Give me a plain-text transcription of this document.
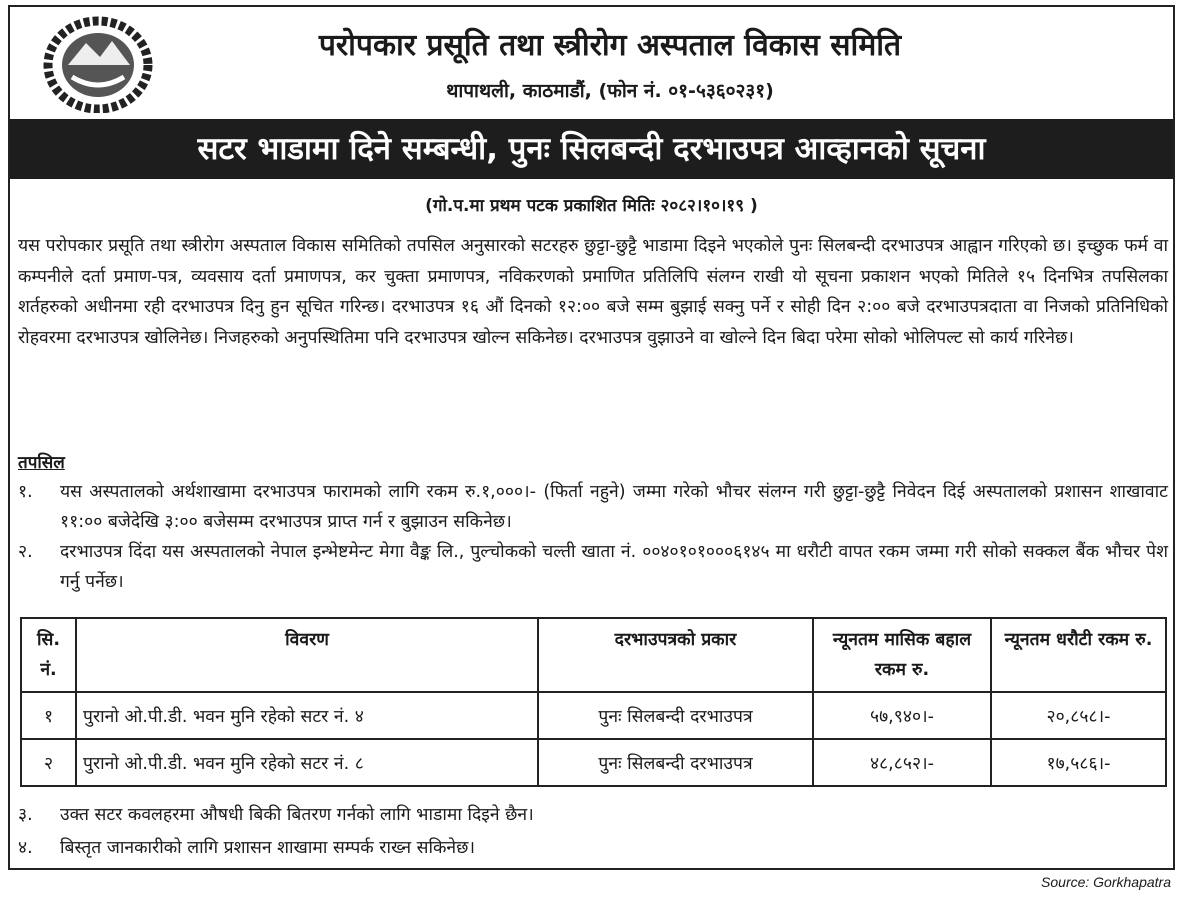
परोपकार प्रसूति तथा स्त्रीरोग अस्पताल विकास समिति
थापाथली, काठमाडौं, (फोन नं. ०१-५३६०२३१)
सटर भाडामा दिने सम्बन्धी, पुनः सिलबन्दी दरभाउपत्र आव्हानको सूचना
(गो.प.मा प्रथम पटक प्रकाशित मितिः २०८२।१०।१९ )
यस परोपकार प्रसूति तथा स्त्रीरोग अस्पताल विकास समितिको तपसिल अनुसारको सटरहरु छुट्टा-छुट्टै भाडामा दिइने भएकोले पुनः सिलबन्दी दरभाउपत्र आह्वान गरिएको छ। इच्छुक फर्म वा कम्पनीले दर्ता प्रमाण-पत्र, व्यवसाय दर्ता प्रमाणपत्र, कर चुक्ता प्रमाणपत्र, नविकरणको प्रमाणित प्रतिलिपि संलग्न राखी यो सूचना प्रकाशन भएको मितिले १५ दिनभित्र तपसिलका शर्तहरुको अधीनमा रही दरभाउपत्र दिनु हुन सूचित गरिन्छ। दरभाउपत्र १६ औं दिनको १२:०० बजे सम्म बुझाई सक्नु पर्ने र सोही दिन २:०० बजे दरभाउपत्रदाता वा निजको प्रतिनिधिको रोहवरमा दरभाउपत्र खोलिनेछ। निजहरुको अनुपस्थितिमा पनि दरभाउपत्र खोल्न सकिनेछ। दरभाउपत्र वुझाउने वा खोल्ने दिन बिदा परेमा सोको भोलिपल्ट सो कार्य गरिनेछ।
तपसिल
१.	यस अस्पतालको अर्थशाखामा दरभाउपत्र फारामको लागि रकम रु.१,०००।- (फिर्ता नहुने) जम्मा गरेको भौचर संलग्न गरी छुट्टा-छुट्टै निवेदन दिई अस्पतालको प्रशासन शाखावाट ११:०० बजेदेखि ३:०० बजेसम्म दरभाउपत्र प्राप्त गर्न र बुझाउन सकिनेछ।
२.	दरभाउपत्र दिंदा यस अस्पतालको नेपाल इन्भेष्टमेन्ट मेगा वैङ्क लि., पुल्चोकको चल्ती खाता नं. ००४०१०१०००६१४५ मा धरौटी वापत रकम जम्मा गरी सोको सक्कल बैंक भौचर पेश गर्नु पर्नेछ।
सि. नं.	विवरण	दरभाउपत्रको प्रकार	न्यूनतम मासिक बहाल रकम रु.	न्यूनतम धरौटी रकम रु.
१	पुरानो ओ.पी.डी. भवन मुनि रहेको सटर नं. ४	पुनः सिलबन्दी दरभाउपत्र	५७,९४०।-	२०,८५८।-
२	पुरानो ओ.पी.डी. भवन मुनि रहेको सटर नं. ८	पुनः सिलबन्दी दरभाउपत्र	४८,८५२।-	१७,५८६।-
३.	उक्त सटर कवलहरमा औषधी बिकी बितरण गर्नको लागि भाडामा दिइने छैन।
४.	बिस्तृत जानकारीको लागि प्रशासन शाखामा सम्पर्क राख्न सकिनेछ।
Source: Gorkhapatra
